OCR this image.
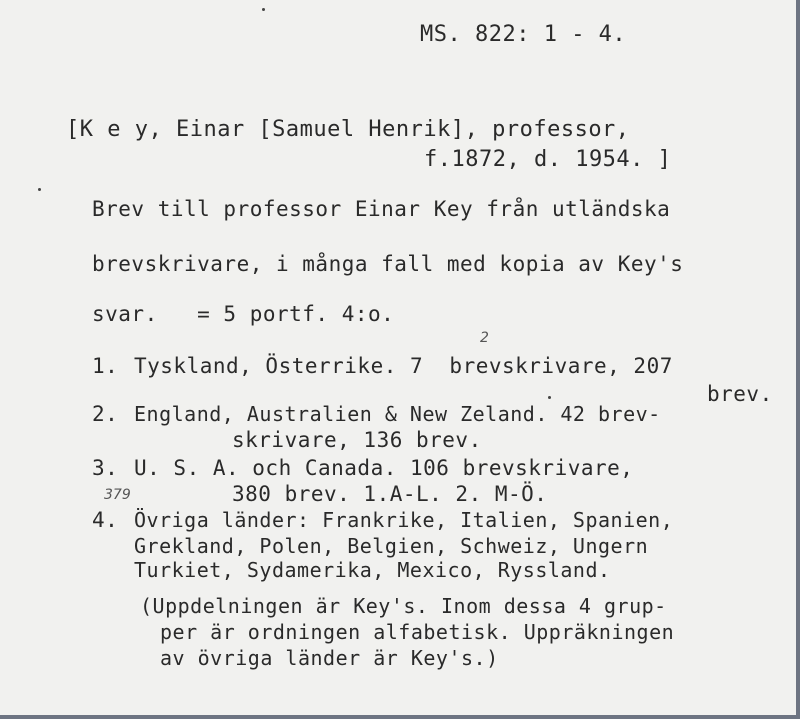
MS. 822: 1 - 4.
[K e y, Einar [Samuel Henrik], professor,
f.1872, d. 1954. ]
Brev till professor Einar Key från utländska
brevskrivare, i många fall med kopia av Key's
svar.   = 5 portf. 4:o.
2
1. Tyskland, Österrike. 7  brevskrivare, 207
brev.
2. England, Australien & New Zeland. 42 brev-
skrivare, 136 brev.
3. U. S. A. och Canada. 106 brevskrivare,
379	380 brev. 1.A-L. 2. M-Ö.
4. Övriga länder: Frankrike, Italien, Spanien,
Grekland, Polen, Belgien, Schweiz, Ungern
Turkiet, Sydamerika, Mexico, Ryssland.
(Uppdelningen är Key's. Inom dessa 4 grup-
per är ordningen alfabetisk. Uppräkningen
av övriga länder är Key's.)
